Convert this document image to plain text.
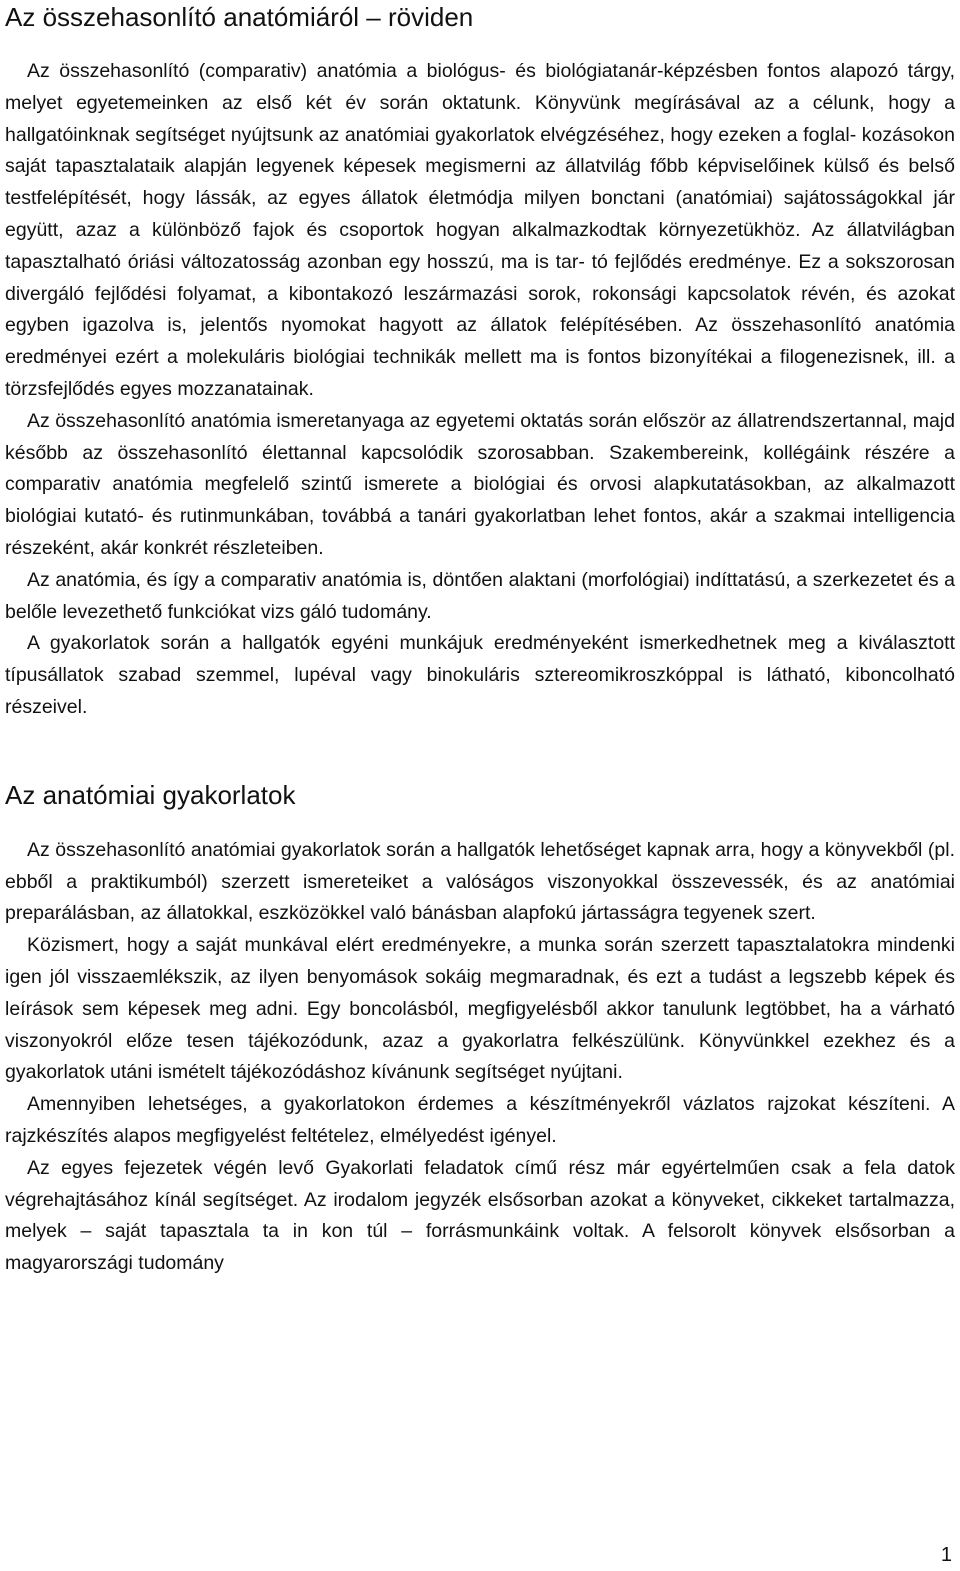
Az összehasonlító anatómiáról – röviden

Az összehasonlító (comparativ) anatómia a biológus- és biológiatanár-képzésben fontos alapozó tárgy, melyet egyetemeinken az első két év során oktatunk. Könyvünk megírásával az a célunk, hogy a hallgatóinknak segítséget nyújtsunk az anatómiai gyakorlatok elvégzéséhez, hogy ezeken a foglal- kozásokon saját tapasztalataik alapján legyenek képesek megismerni az állatvilág főbb képviselőinek külső és belső testfelépítését, hogy lássák, az egyes állatok életmódja milyen bonctani (anatómiai) sajátosságokkal jár együtt, azaz a különböző fajok és csoportok hogyan alkalmazkodtak környezetükhöz. Az állatvilágban tapasztalható óriási változatosság azonban egy hosszú, ma is tar- tó fejlődés eredménye. Ez a sokszorosan divergáló fejlődési folyamat, a kibontakozó leszármazási sorok, rokonsági kapcsolatok révén, és azokat egyben igazolva is, jelentős nyomokat hagyott az állatok felépítésében. Az összehasonlító anatómia eredményei ezért a molekuláris biológiai technikák mellett ma is fontos bizonyítékai a filogenezisnek, ill. a törzsfejlődés egyes mozzanatainak.

Az összehasonlító anatómia ismeretanyaga az egyetemi oktatás során először az állatrendszertannal, majd később az összehasonlító élettannal kapcsolódik szorosabban. Szakembereink, kollégáink részére a comparativ anatómia megfelelő szintű ismerete a biológiai és orvosi alapkutatásokban, az alkalmazott biológiai kutató- és rutinmunkában, továbbá a tanári gyakorlatban lehet fontos, akár a szakmai intelligencia részeként, akár konkrét részleteiben.

Az anatómia, és így a comparativ anatómia is, döntően alaktani (morfológiai) indíttatású, a szerkezetet és a belőle levezethető funkciókat vizs gáló tudomány.

A gyakorlatok során a hallgatók egyéni munkájuk eredményeként ismerkedhetnek meg a kiválasztott típusállatok szabad szemmel, lupéval vagy binokuláris sztereomikroszkóppal is látható, kiboncolható részeivel.

Az anatómiai gyakorlatok

Az összehasonlító anatómiai gyakorlatok során a hallgatók lehetőséget kapnak arra, hogy a könyvekből (pl. ebből a praktikumból) szerzett ismereteiket a valóságos viszonyokkal összevessék, és az anatómiai preparálásban, az állatokkal, eszközökkel való bánásban alapfokú jártasságra tegyenek szert.

Közismert, hogy a saját munkával elért eredményekre, a munka során szerzett tapasztalatokra mindenki igen jól visszaemlékszik, az ilyen benyomások sokáig megmaradnak, és ezt a tudást a legszebb képek és leírások sem képesek meg adni. Egy boncolásból, megfigyelésből akkor tanulunk legtöbbet, ha a várható viszonyokról előze tesen tájékozódunk, azaz a gyakorlatra felkészülünk. Könyvünkkel ezekhez és a gyakorlatok utáni ismételt tájékozódáshoz kívánunk segítséget nyújtani.

Amennyiben lehetséges, a gyakorlatokon érdemes a készítményekről vázlatos rajzokat készíteni. A rajzkészítés alapos megfigyelést feltételez, elmélyedést igényel.

Az egyes fejezetek végén levő Gyakorlati feladatok című rész már egyértelműen csak a fela datok végrehajtásához kínál segítséget. Az irodalom jegyzék elsősorban azokat a könyveket, cikkeket tartalmazza, melyek – saját tapasztala ta in kon túl – forrásmunkáink voltak. A felsorolt könyvek elsősorban a magyarországi tudomány

1
